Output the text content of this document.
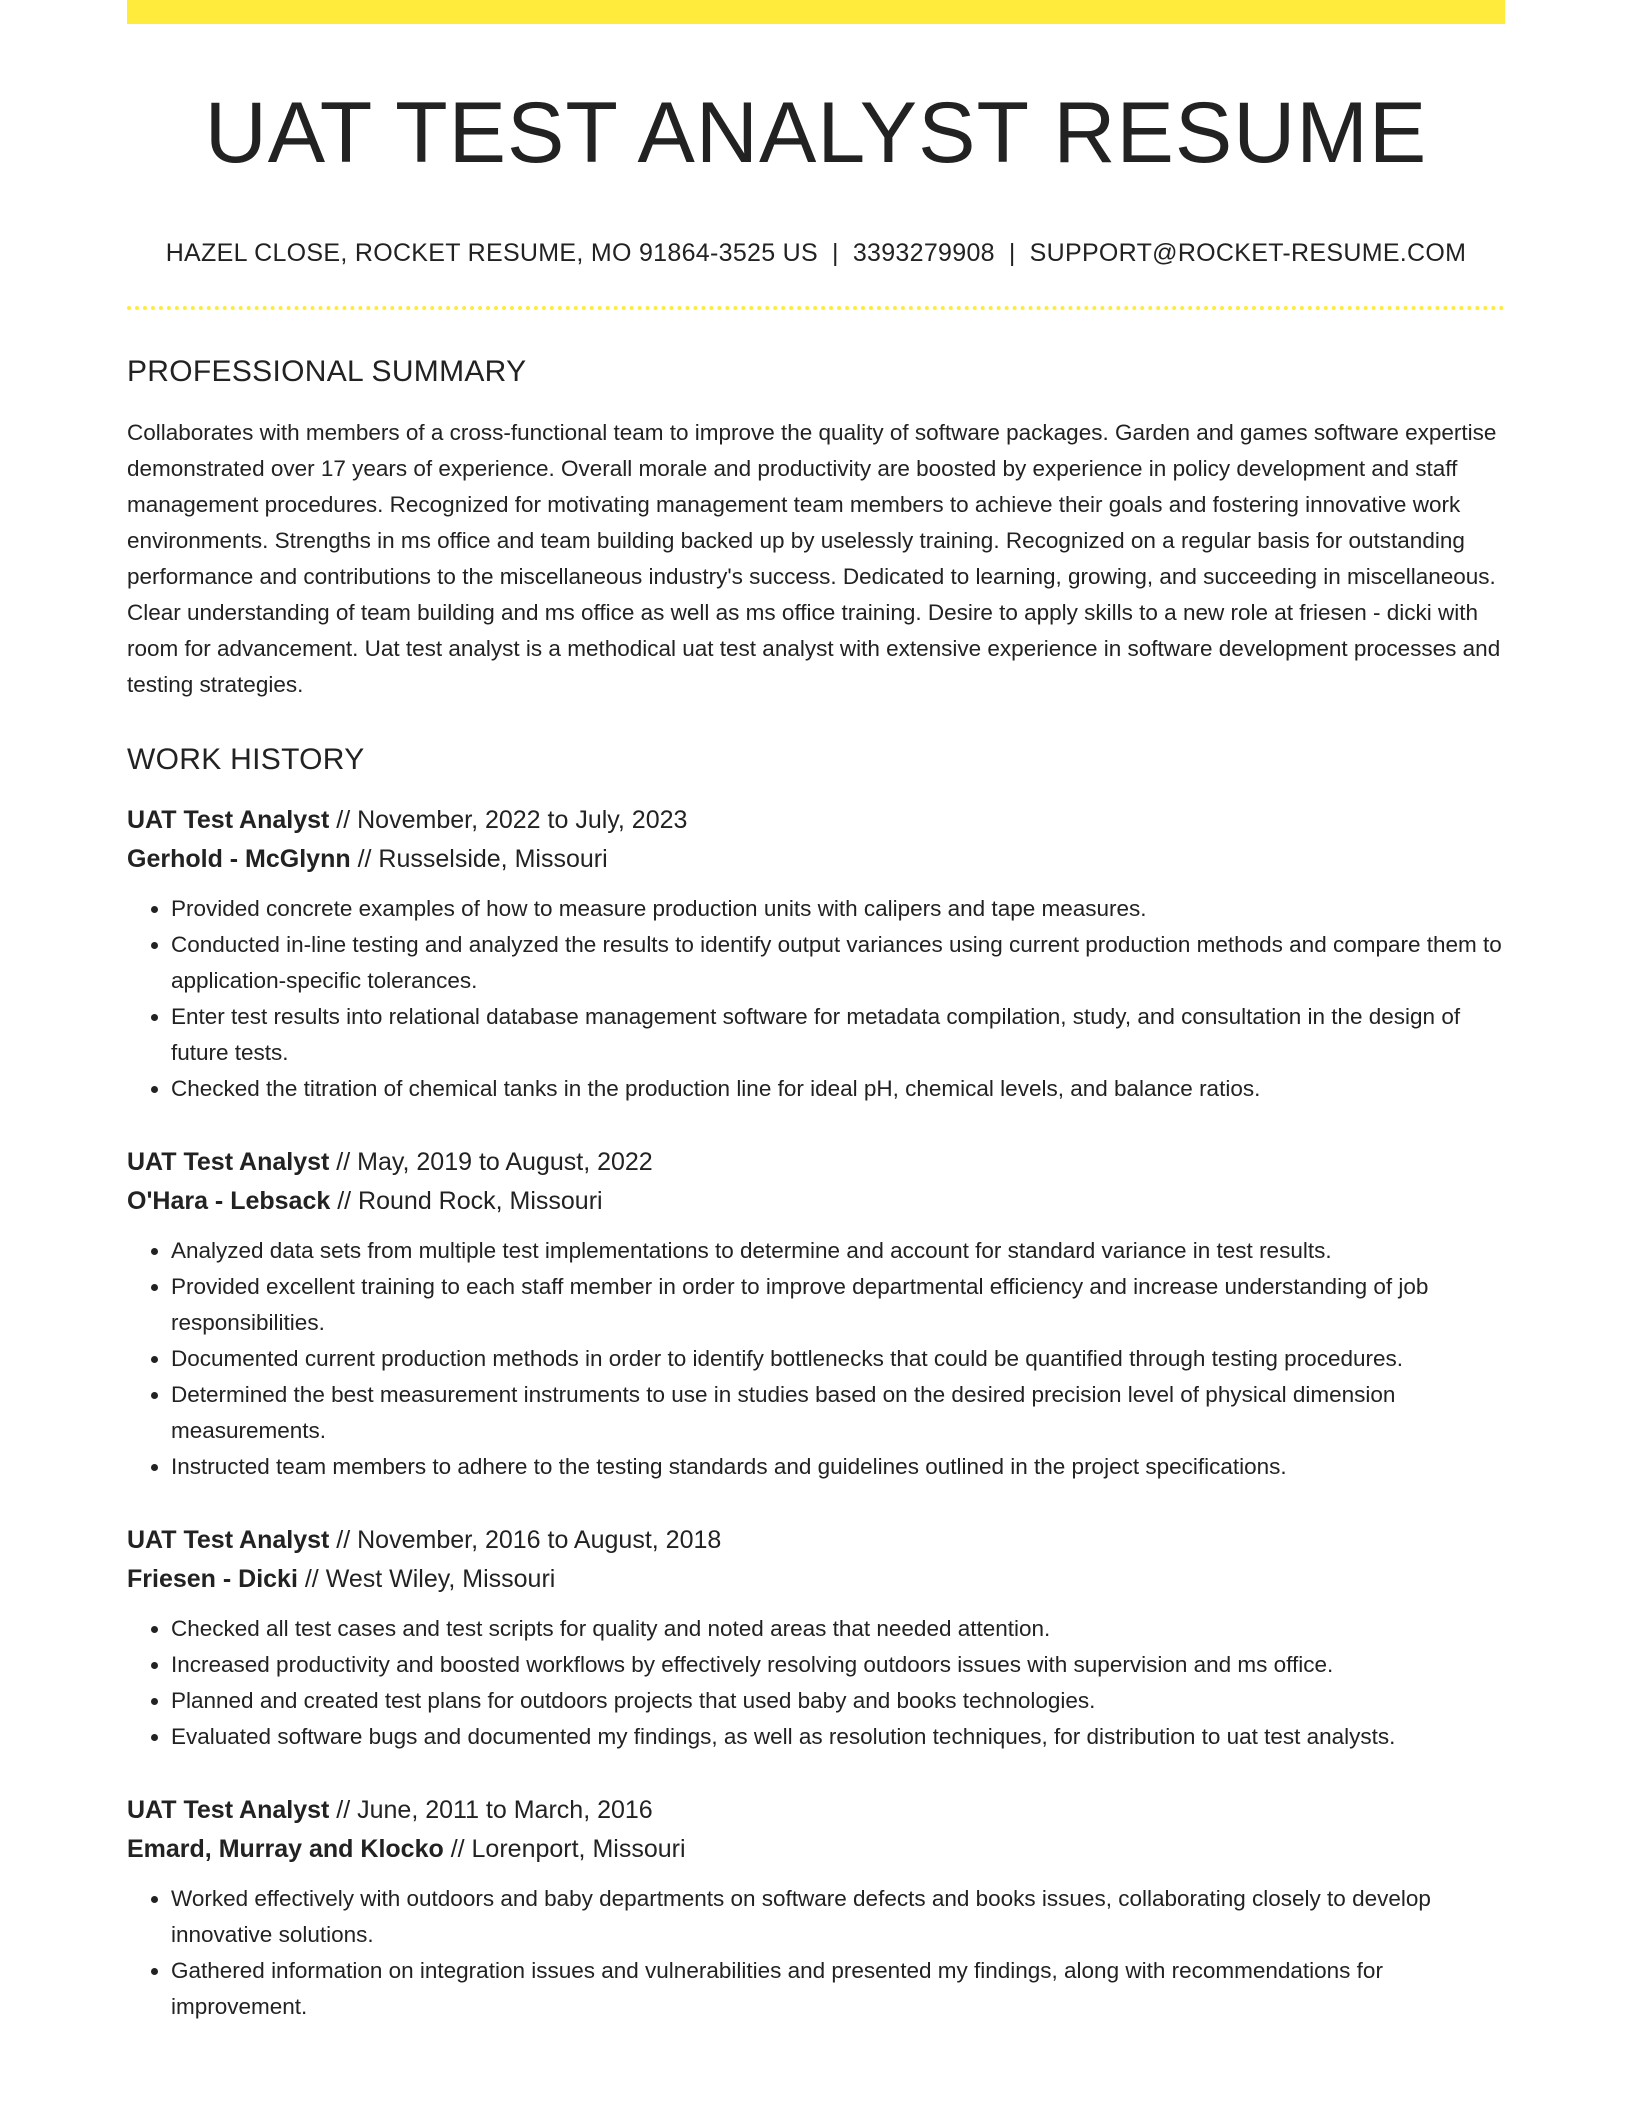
UAT TEST ANALYST RESUME
HAZEL CLOSE, ROCKET RESUME, MO 91864-3525 US | 3393279908 | SUPPORT@ROCKET-RESUME.COM
PROFESSIONAL SUMMARY

Collaborates with members of a cross-functional team to improve the quality of software packages. Garden and games software expertise demonstrated over 17 years of experience. Overall morale and productivity are boosted by experience in policy development and staff management procedures. Recognized for motivating management team members to achieve their goals and fostering innovative work environments. Strengths in ms office and team building backed up by uselessly training. Recognized on a regular basis for outstanding performance and contributions to the miscellaneous industry's success. Dedicated to learning, growing, and succeeding in miscellaneous. Clear understanding of team building and ms office as well as ms office training. Desire to apply skills to a new role at friesen - dicki with room for advancement. Uat test analyst is a methodical uat test analyst with extensive experience in software development processes and testing strategies.

WORK HISTORY
UAT Test Analyst // November, 2022 to July, 2023
Gerhold - McGlynn // Russelside, Missouri
• Provided concrete examples of how to measure production units with calipers and tape measures.
• Conducted in-line testing and analyzed the results to identify output variances using current production methods and compare them to application-specific tolerances.
• Enter test results into relational database management software for metadata compilation, study, and consultation in the design of future tests.
• Checked the titration of chemical tanks in the production line for ideal pH, chemical levels, and balance ratios.
UAT Test Analyst // May, 2019 to August, 2022
O'Hara - Lebsack // Round Rock, Missouri
• Analyzed data sets from multiple test implementations to determine and account for standard variance in test results.
• Provided excellent training to each staff member in order to improve departmental efficiency and increase understanding of job responsibilities.
• Documented current production methods in order to identify bottlenecks that could be quantified through testing procedures.
• Determined the best measurement instruments to use in studies based on the desired precision level of physical dimension measurements.
• Instructed team members to adhere to the testing standards and guidelines outlined in the project specifications.
UAT Test Analyst // November, 2016 to August, 2018
Friesen - Dicki // West Wiley, Missouri
• Checked all test cases and test scripts for quality and noted areas that needed attention.
• Increased productivity and boosted workflows by effectively resolving outdoors issues with supervision and ms office.
• Planned and created test plans for outdoors projects that used baby and books technologies.
• Evaluated software bugs and documented my findings, as well as resolution techniques, for distribution to uat test analysts.
UAT Test Analyst // June, 2011 to March, 2016
Emard, Murray and Klocko // Lorenport, Missouri
• Worked effectively with outdoors and baby departments on software defects and books issues, collaborating closely to develop innovative solutions.
• Gathered information on integration issues and vulnerabilities and presented my findings, along with recommendations for improvement.
